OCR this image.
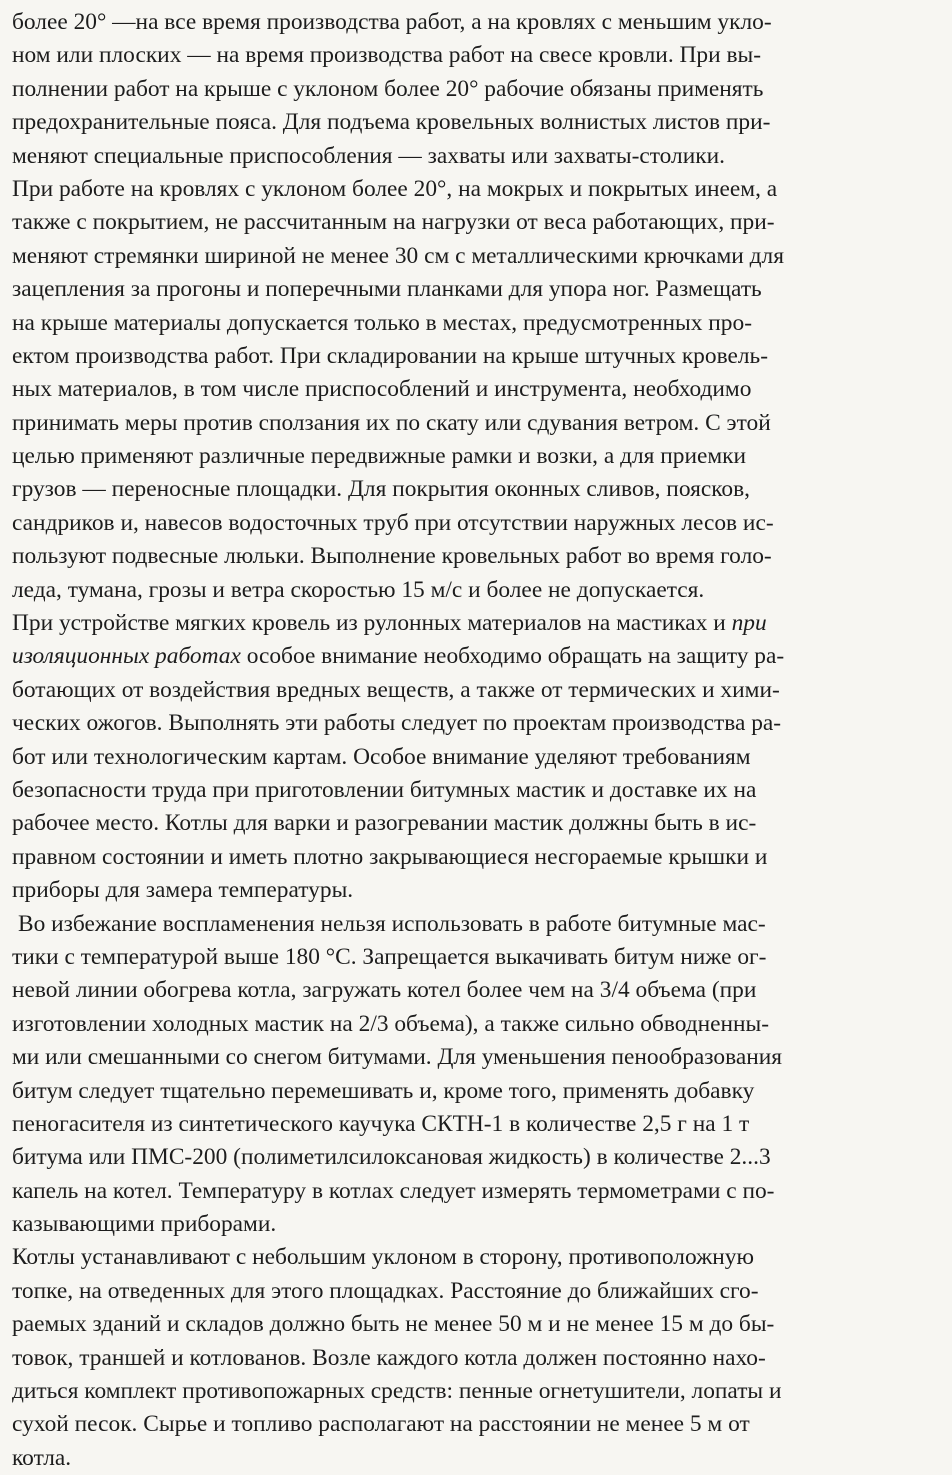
более 20° —на все время производства работ, а на кровлях с меньшим укло-
ном или плоских — на время производства работ на свесе кровли. При вы-
полнении работ на крыше с уклоном более 20° рабочие обязаны применять
предохранительные пояса. Для подъема кровельных волнистых листов при-
меняют специальные приспособления — захваты или захваты-столики.
При работе на кровлях с уклоном более 20°, на мокрых и покрытых инеем, а
также с покрытием, не рассчитанным на нагрузки от веса работающих, при-
меняют стремянки шириной не менее 30 см с металлическими крючками для
зацепления за прогоны и поперечными планками для упора ног. Размещать
на крыше материалы допускается только в местах, предусмотренных про-
ектом производства работ. При складировании на крыше штучных кровель-
ных материалов, в том числе приспособлений и инструмента, необходимо
принимать меры против сползания их по скату или сдувания ветром. С этой
целью применяют различные передвижные рамки и возки, а для приемки
грузов — переносные площадки. Для покрытия оконных сливов, поясков,
сандриков и, навесов водосточных труб при отсутствии наружных лесов ис-
пользуют подвесные люльки. Выполнение кровельных работ во время голо-
леда, тумана, грозы и ветра скоростью 15 м/с и более не допускается.
При устройстве мягких кровель из рулонных материалов на мастиках и при
изоляционных работах особое внимание необходимо обращать на защиту ра-
ботающих от воздействия вредных веществ, а также от термических и хими-
ческих ожогов. Выполнять эти работы следует по проектам производства ра-
бот или технологическим картам. Особое внимание уделяют требованиям
безопасности труда при приготовлении битумных мастик и доставке их на
рабочее место. Котлы для варки и разогревании мастик должны быть в ис-
правном состоянии и иметь плотно закрывающиеся несгораемые крышки и
приборы для замера температуры.
Во избежание воспламенения нельзя использовать в работе битумные мас-
тики с температурой выше 180 °С. Запрещается выкачивать битум ниже ог-
невой линии обогрева котла, загружать котел более чем на 3/4 объема (при
изготовлении холодных мастик на 2/3 объема), а также сильно обводненны-
ми или смешанными со снегом битумами. Для уменьшения пенообразования
битум следует тщательно перемешивать и, кроме того, применять добавку
пеногасителя из синтетического каучука СКТН-1 в количестве 2,5 г на 1 т
битума или ПМС-200 (полиметилсилоксановая жидкость) в количестве 2...3
капель на котел. Температуру в котлах следует измерять термометрами с по-
казывающими приборами.
Котлы устанавливают с небольшим уклоном в сторону, противоположную
топке, на отведенных для этого площадках. Расстояние до ближайших сго-
раемых зданий и складов должно быть не менее 50 м и не менее 15 м до бы-
товок, траншей и котлованов. Возле каждого котла должен постоянно нахо-
диться комплект противопожарных средств: пенные огнетушители, лопаты и
сухой песок. Сырье и топливо располагают на расстоянии не менее 5 м от
котла.
